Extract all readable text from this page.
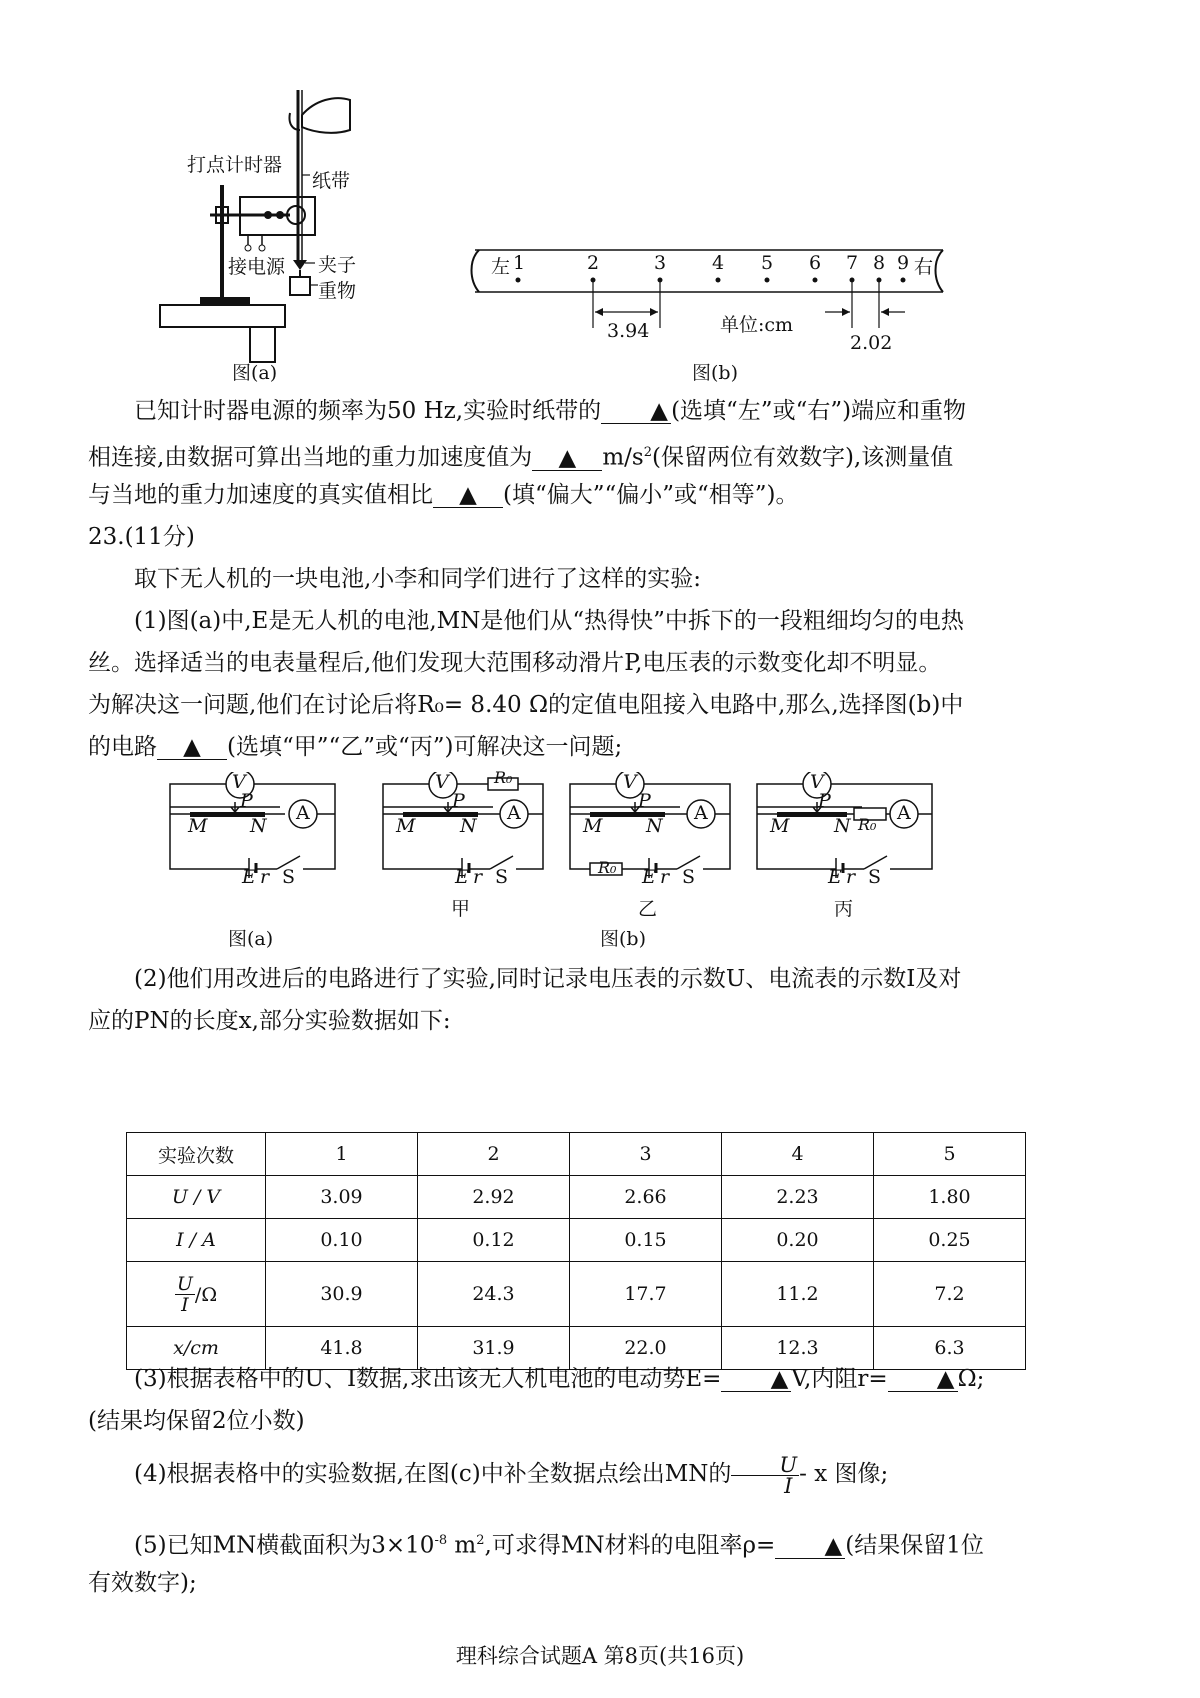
打点计时器
纸带
接电源 夹子
重物
图(a)
左 1	2	3 4 5 6 7 8 9 右
3.94	单位:cm
2.02
图(b)
已知计时器电源的频率为50 Hz,实验时纸带的 ▲ (选填“左”或“右”)端应和重物
相连接,由数据可算出当地的重力加速度值为 ▲ $m/s^2$(保留两位有效数字),该测量值
与当地的重力加速度的真实值相比 ▲ (填“偏大”“偏小”或“相等”)。
23.(11分)
取下无人机的一块电池,小李和同学们进行了这样的实验:
(1)图(a)中,E是无人机的电池,MN是他们从“热得快”中拆下的一段粗细均匀的电热
丝。选择适当的电表量程后,他们发现大范围移动滑片P,电压表的示数变化却不明显。
为解决这一问题,他们在讨论后将R₀= 8.40 Ω的定值电阻接入电路中,那么,选择图(b)中
的电路 ▲ (选填“甲”“乙”或“丙”)可解决这一问题;
V
A
P
M N
E r S
图(a)
V	R₀
A
P
M N
E r S
甲
V
A
P
M N
R₀ E r S
乙
V
A
P
M N R₀
E r S
丙
图(b)
(2)他们用改进后的电路进行了实验,同时记录电压表的示数U、电流表的示数I及对
应的PN的长度x,部分实验数据如下:
实验次数	1	2	3	4	5
U / V	3.09	2.92	2.66	2.23	1.80
I / A	0.10	0.12	0.15	0.20	0.25

U
I /Ω	30.9	24.3	17.7	11.2	7.2
x/cm	41.8	31.9	22.0	12.3	6.3
(3)根据表格中的U、I数据,求出该无人机电池的电动势E= ▲ V,内阻r= ▲ Ω;
(结果均保留2位小数)
(4)根据表格中的实验数据,在图(c)中补全数据点绘出MN的 $\frac{U}{I}$ - x 图像;
(5)已知MN横截面积为$3\times 10^{-8}$ $m^2$,可求得MN材料的电阻率ρ= ▲ (结果保留1位
有效数字);
理科综合试题A 第8页(共16页)
